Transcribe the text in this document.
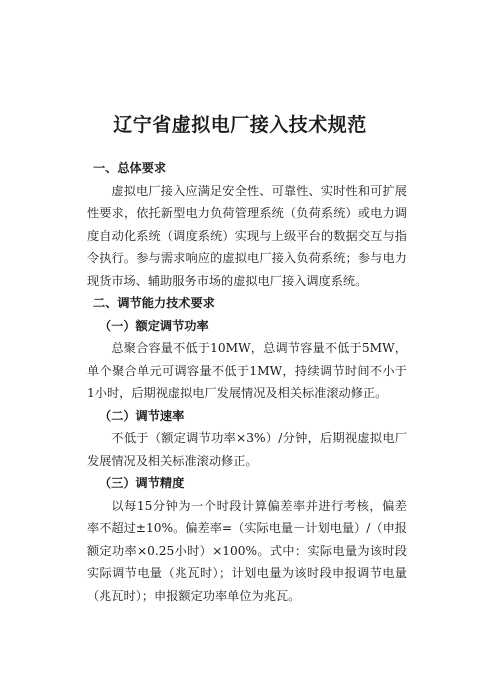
辽宁省虚拟电厂接入技术规范
一、总体要求

虚拟电厂接入应满足安全性、可靠性、实时性和可扩展性要求，依托新型电力负荷管理系统（负荷系统）或电力调度自动化系统（调度系统）实现与上级平台的数据交互与指令执行。参与需求响应的虚拟电厂接入负荷系统；参与电力现货市场、辅助服务市场的虚拟电厂接入调度系统。

二、调节能力技术要求
（一）额定调节功率

总聚合容量不低于10MW，总调节容量不低于5MW，单个聚合单元可调容量不低于1MW，持续调节时间不小于1小时，后期视虚拟电厂发展情况及相关标准滚动修正。

（二）调节速率

不低于（额定调节功率×3%）/分钟，后期视虚拟电厂发展情况及相关标准滚动修正。

（三）调节精度

以每15分钟为一个时段计算偏差率并进行考核，偏差率不超过±10%。偏差率=（实际电量－计划电量）/（申报额定功率×0.25小时）×100%。式中：实际电量为该时段实际调节电量（兆瓦时）；计划电量为该时段申报调节电量（兆瓦时）；申报额定功率单位为兆瓦。
